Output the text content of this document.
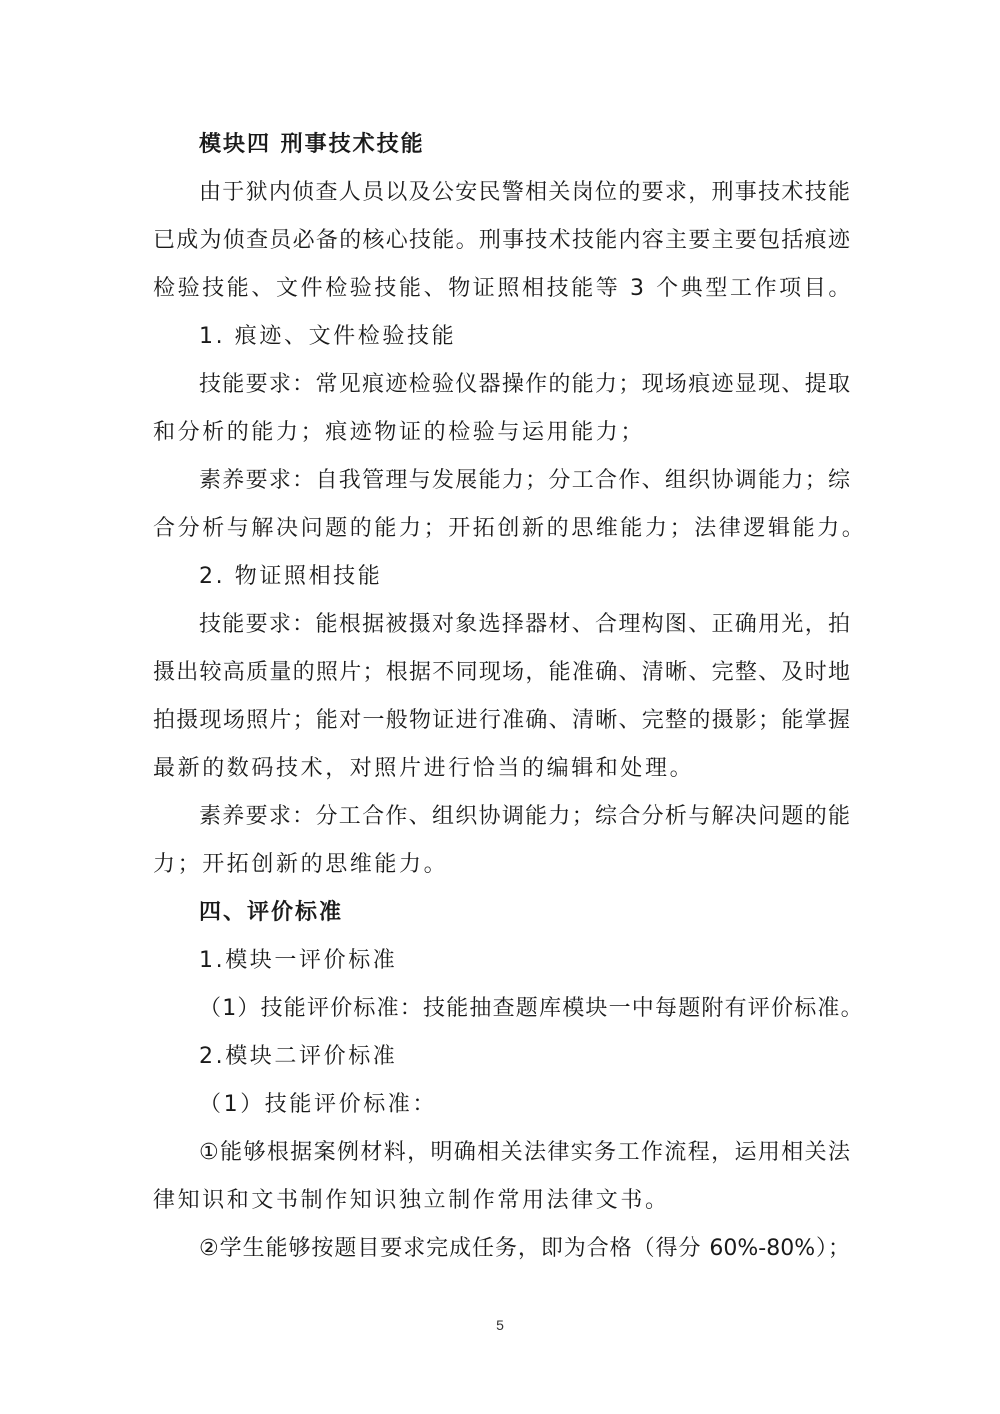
模块四 刑事技术技能
由于狱内侦查人员以及公安民警相关岗位的要求，刑事技术技能
已成为侦查员必备的核心技能。刑事技术技能内容主要主要包括痕迹
检验技能、文件检验技能、物证照相技能等 3 个典型工作项目。
1. 痕迹、文件检验技能
技能要求：常见痕迹检验仪器操作的能力；现场痕迹显现、提取
和分析的能力；痕迹物证的检验与运用能力；
素养要求：自我管理与发展能力；分工合作、组织协调能力；综
合分析与解决问题的能力；开拓创新的思维能力；法律逻辑能力。
2. 物证照相技能
技能要求：能根据被摄对象选择器材、合理构图、正确用光，拍
摄出较高质量的照片；根据不同现场，能准确、清晰、完整、及时地
拍摄现场照片；能对一般物证进行准确、清晰、完整的摄影；能掌握
最新的数码技术，对照片进行恰当的编辑和处理。
素养要求：分工合作、组织协调能力；综合分析与解决问题的能
力；开拓创新的思维能力。
四、评价标准
1.模块一评价标准
（1）技能评价标准：技能抽查题库模块一中每题附有评价标准。
2.模块二评价标准
（1）技能评价标准：
①能够根据案例材料，明确相关法律实务工作流程，运用相关法
律知识和文书制作知识独立制作常用法律文书。
②学生能够按题目要求完成任务，即为合格（得分 60%-80%）；
5
